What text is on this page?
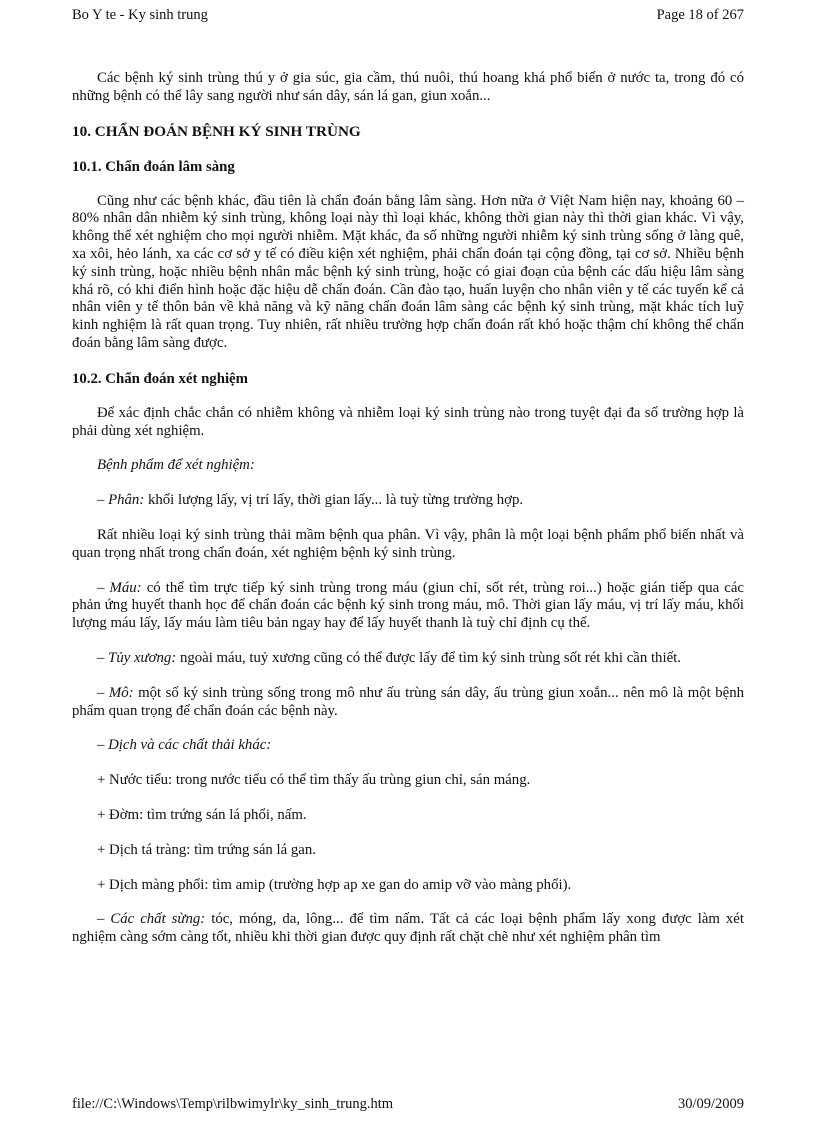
Bo Y te - Ky sinh trung	Page 18 of 267

Các bệnh ký sinh trùng thú y ở gia súc, gia cầm, thú nuôi, thú hoang khá phổ biến ở nước ta, trong đó có những bệnh có thể lây sang người như sán dây, sán lá gan, giun xoắn...

10. CHẨN ĐOÁN BỆNH KÝ SINH TRÙNG
10.1. Chẩn đoán lâm sàng

Cũng như các bệnh khác, đầu tiên là chẩn đoán bằng lâm sàng. Hơn nữa ở Việt Nam hiện nay, khoảng 60 – 80% nhân dân nhiễm ký sinh trùng, không loại này thì loại khác, không thời gian này thì thời gian khác. Vì vậy, không thể xét nghiệm cho mọi người nhiễm. Mặt khác, đa số những người nhiễm ký sinh trùng sống ở làng quê, xa xôi, hẻo lánh, xa các cơ sở y tế có điều kiện xét nghiệm, phải chẩn đoán tại cộng đồng, tại cơ sở. Nhiều bệnh ký sinh trùng, hoặc nhiều bệnh nhân mắc bệnh ký sinh trùng, hoặc có giai đoạn của bệnh các dấu hiệu lâm sàng khá rõ, có khi điển hình hoặc đặc hiệu dễ chẩn đoán. Cần đào tạo, huấn luyện cho nhân viên y tế các tuyến kể cả nhân viên y tế thôn bản về khả năng và kỹ năng chẩn đoán lâm sàng các bệnh ký sinh trùng, mặt khác tích luỹ kinh nghiệm là rất quan trọng. Tuy nhiên, rất nhiều trường hợp chẩn đoán rất khó hoặc thậm chí không thể chẩn đoán bằng lâm sàng được.

10.2. Chẩn đoán xét nghiệm

Để xác định chắc chắn có nhiễm không và nhiễm loại ký sinh trùng nào trong tuyệt đại đa số trường hợp là phải dùng xét nghiệm.

Bệnh phẩm để xét nghiệm:

– Phân: khối lượng lấy, vị trí lấy, thời gian lấy... là tuỳ từng trường hợp.

Rất nhiều loại ký sinh trùng thải mầm bệnh qua phân. Vì vậy, phân là một loại bệnh phẩm phổ biến nhất và quan trọng nhất trong chẩn đoán, xét nghiệm bệnh ký sinh trùng.

– Máu: có thể tìm trực tiếp ký sinh trùng trong máu (giun chỉ, sốt rét, trùng roi...) hoặc gián tiếp qua các phản ứng huyết thanh học để chẩn đoán các bệnh ký sinh trong máu, mô. Thời gian lấy máu, vị trí lấy máu, khối lượng máu lấy, lấy máu làm tiêu bản ngay hay để lấy huyết thanh là tuỳ chỉ định cụ thể.

– Tủy xương: ngoài máu, tuỷ xương cũng có thể được lấy để tìm ký sinh trùng sốt rét khi cần thiết.

– Mô: một số ký sinh trùng sống trong mô như ấu trùng sán dây, ấu trùng giun xoắn... nên mô là một bệnh phẩm quan trọng để chẩn đoán các bệnh này.

– Dịch và các chất thải khác:

+ Nước tiểu: trong nước tiểu có thể tìm thấy ấu trùng giun chỉ, sán máng.

+ Đờm: tìm trứng sán lá phổi, nấm.

+ Dịch tá tràng: tìm trứng sán lá gan.

+ Dịch màng phổi: tìm amip (trường hợp ap xe gan do amip vỡ vào màng phổi).

– Các chất sừng: tóc, móng, da, lông... để tìm nấm. Tất cả các loại bệnh phẩm lấy xong được làm xét nghiệm càng sớm càng tốt, nhiều khi thời gian được quy định rất chặt chẽ như xét nghiệm phân tìm

file://C:\Windows\Temp\rilbwimylr\ky_sinh_trung.htm	30/09/2009
